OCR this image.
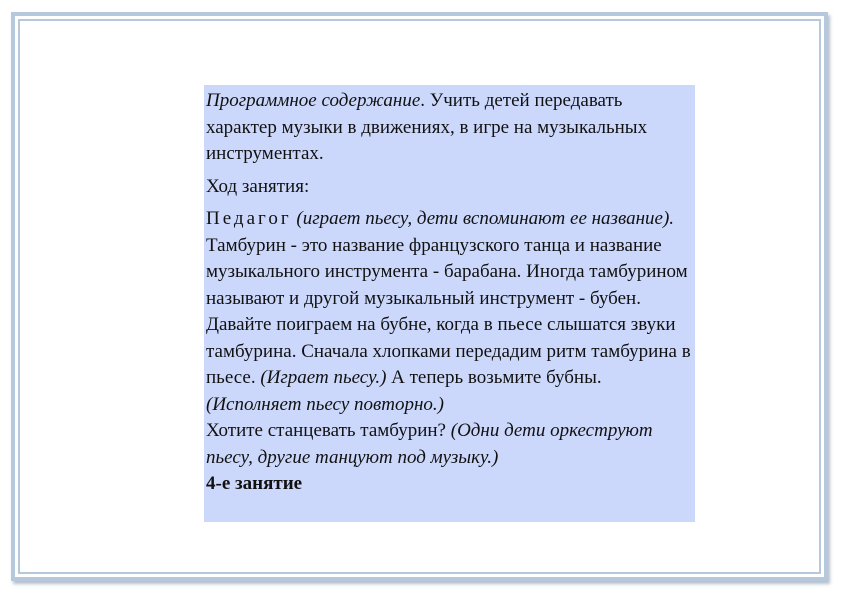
Программное содержание. Учить детей передавать характер музыки в движениях, в игре на музыкальных инструментах.

Ход занятия:

Педагог (играет пьесу, дети вспоминают ее название). Тамбурин - это название французского танца и название музыкального инструмента - барабана. Иногда тамбурином называют и другой музыкальный инструмент - бубен.

Давайте поиграем на бубне, когда в пьесе слышатся звуки тамбурина. Сначала хлопками передадим ритм тамбурина в пьесе. (Играет пьесу.) А теперь возьмите бубны. (Исполняет пьесу повторно.)

Хотите станцевать тамбурин? (Одни дети оркеструют пьесу, другие танцуют под музыку.)

4-е занятие
